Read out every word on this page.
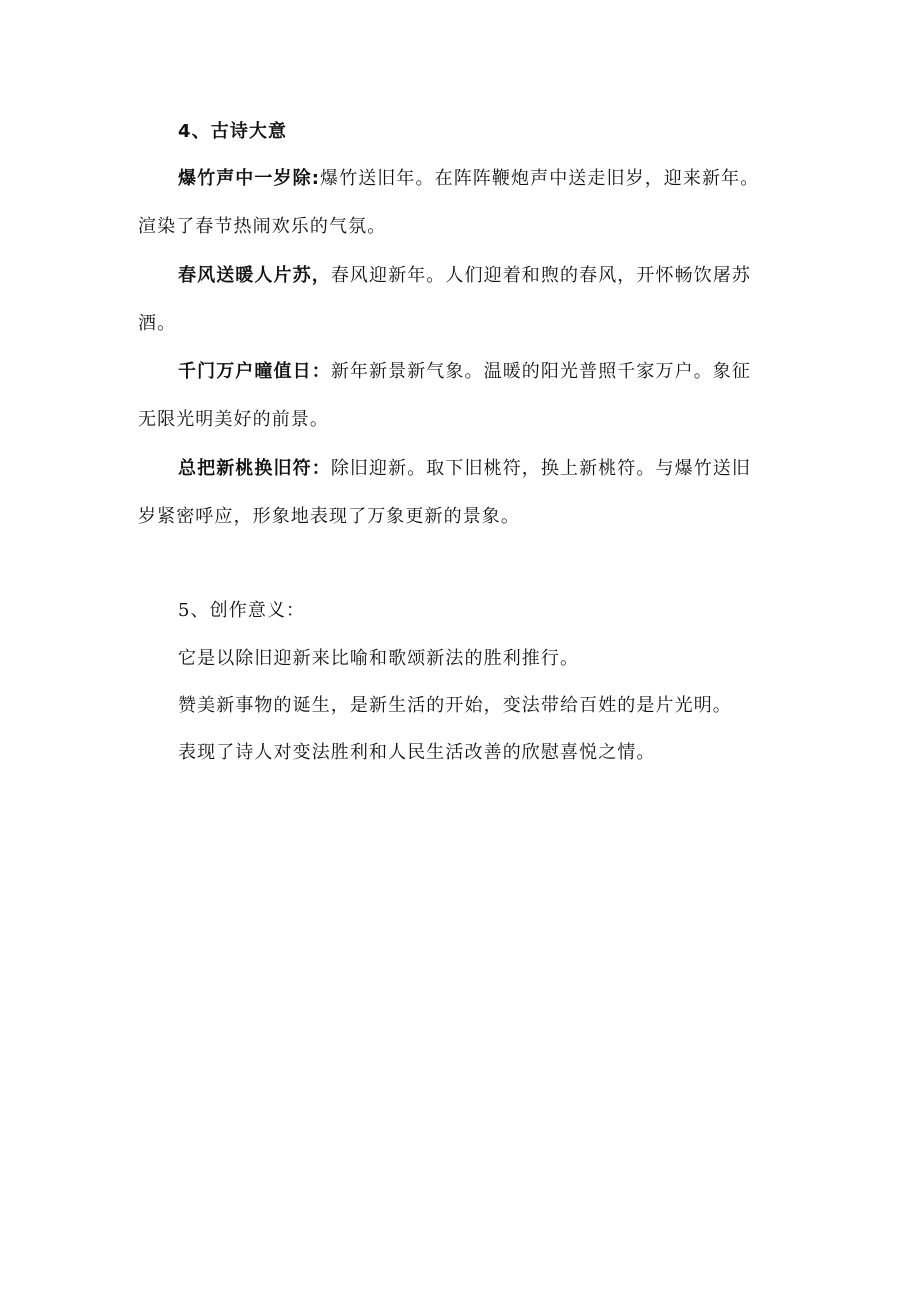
4、古诗大意
爆竹声中一岁除:爆竹送旧年。在阵阵鞭炮声中送走旧岁，迎来新年。
渲染了春节热闹欢乐的气氛。
春风送暖人片苏，春风迎新年。人们迎着和煦的春风，开怀畅饮屠苏
酒。
千门万户曈值日：新年新景新气象。温暖的阳光普照千家万户。象征
无限光明美好的前景。
总把新桃换旧符：除旧迎新。取下旧桃符，换上新桃符。与爆竹送旧
岁紧密呼应，形象地表现了万象更新的景象。
5、创作意义：
它是以除旧迎新来比喻和歌颂新法的胜利推行。
赞美新事物的诞生，是新生活的开始，变法带给百姓的是片光明。
表现了诗人对变法胜利和人民生活改善的欣慰喜悦之情。
